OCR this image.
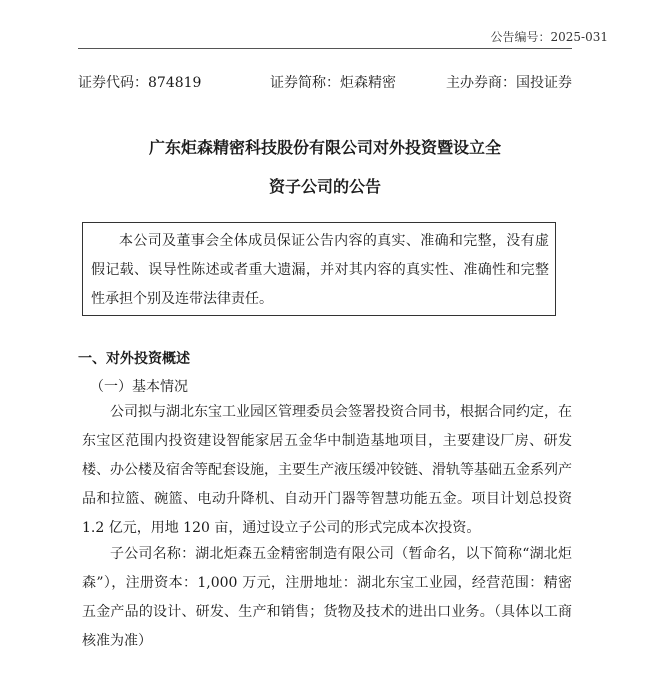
公告编号：2025-031
证券代码：874819	证券简称：炬森精密	主办券商：国投证券
广东炬森精密科技股份有限公司对外投资暨设立全
资子公司的公告

本公司及董事会全体成员保证公告内容的真实、准确和完整，没有虚假记载、误导性陈述或者重大遗漏，并对其内容的真实性、准确性和完整性承担个别及连带法律责任。

一、对外投资概述
（一）基本情况

公司拟与湖北东宝工业园区管理委员会签署投资合同书，根据合同约定，在东宝区范围内投资建设智能家居五金华中制造基地项目，主要建设厂房、研发楼、办公楼及宿舍等配套设施，主要生产液压缓冲铰链、滑轨等基础五金系列产品和拉篮、碗篮、电动升降机、自动开门器等智慧功能五金。项目计划总投资 1.2 亿元，用地 120 亩，通过设立子公司的形式完成本次投资。

子公司名称：湖北炬森五金精密制造有限公司（暂命名，以下简称“湖北炬森”），注册资本：1,000 万元，注册地址：湖北东宝工业园，经营范围：精密五金产品的设计、研发、生产和销售；货物及技术的进出口业务。（具体以工商核准为准）
